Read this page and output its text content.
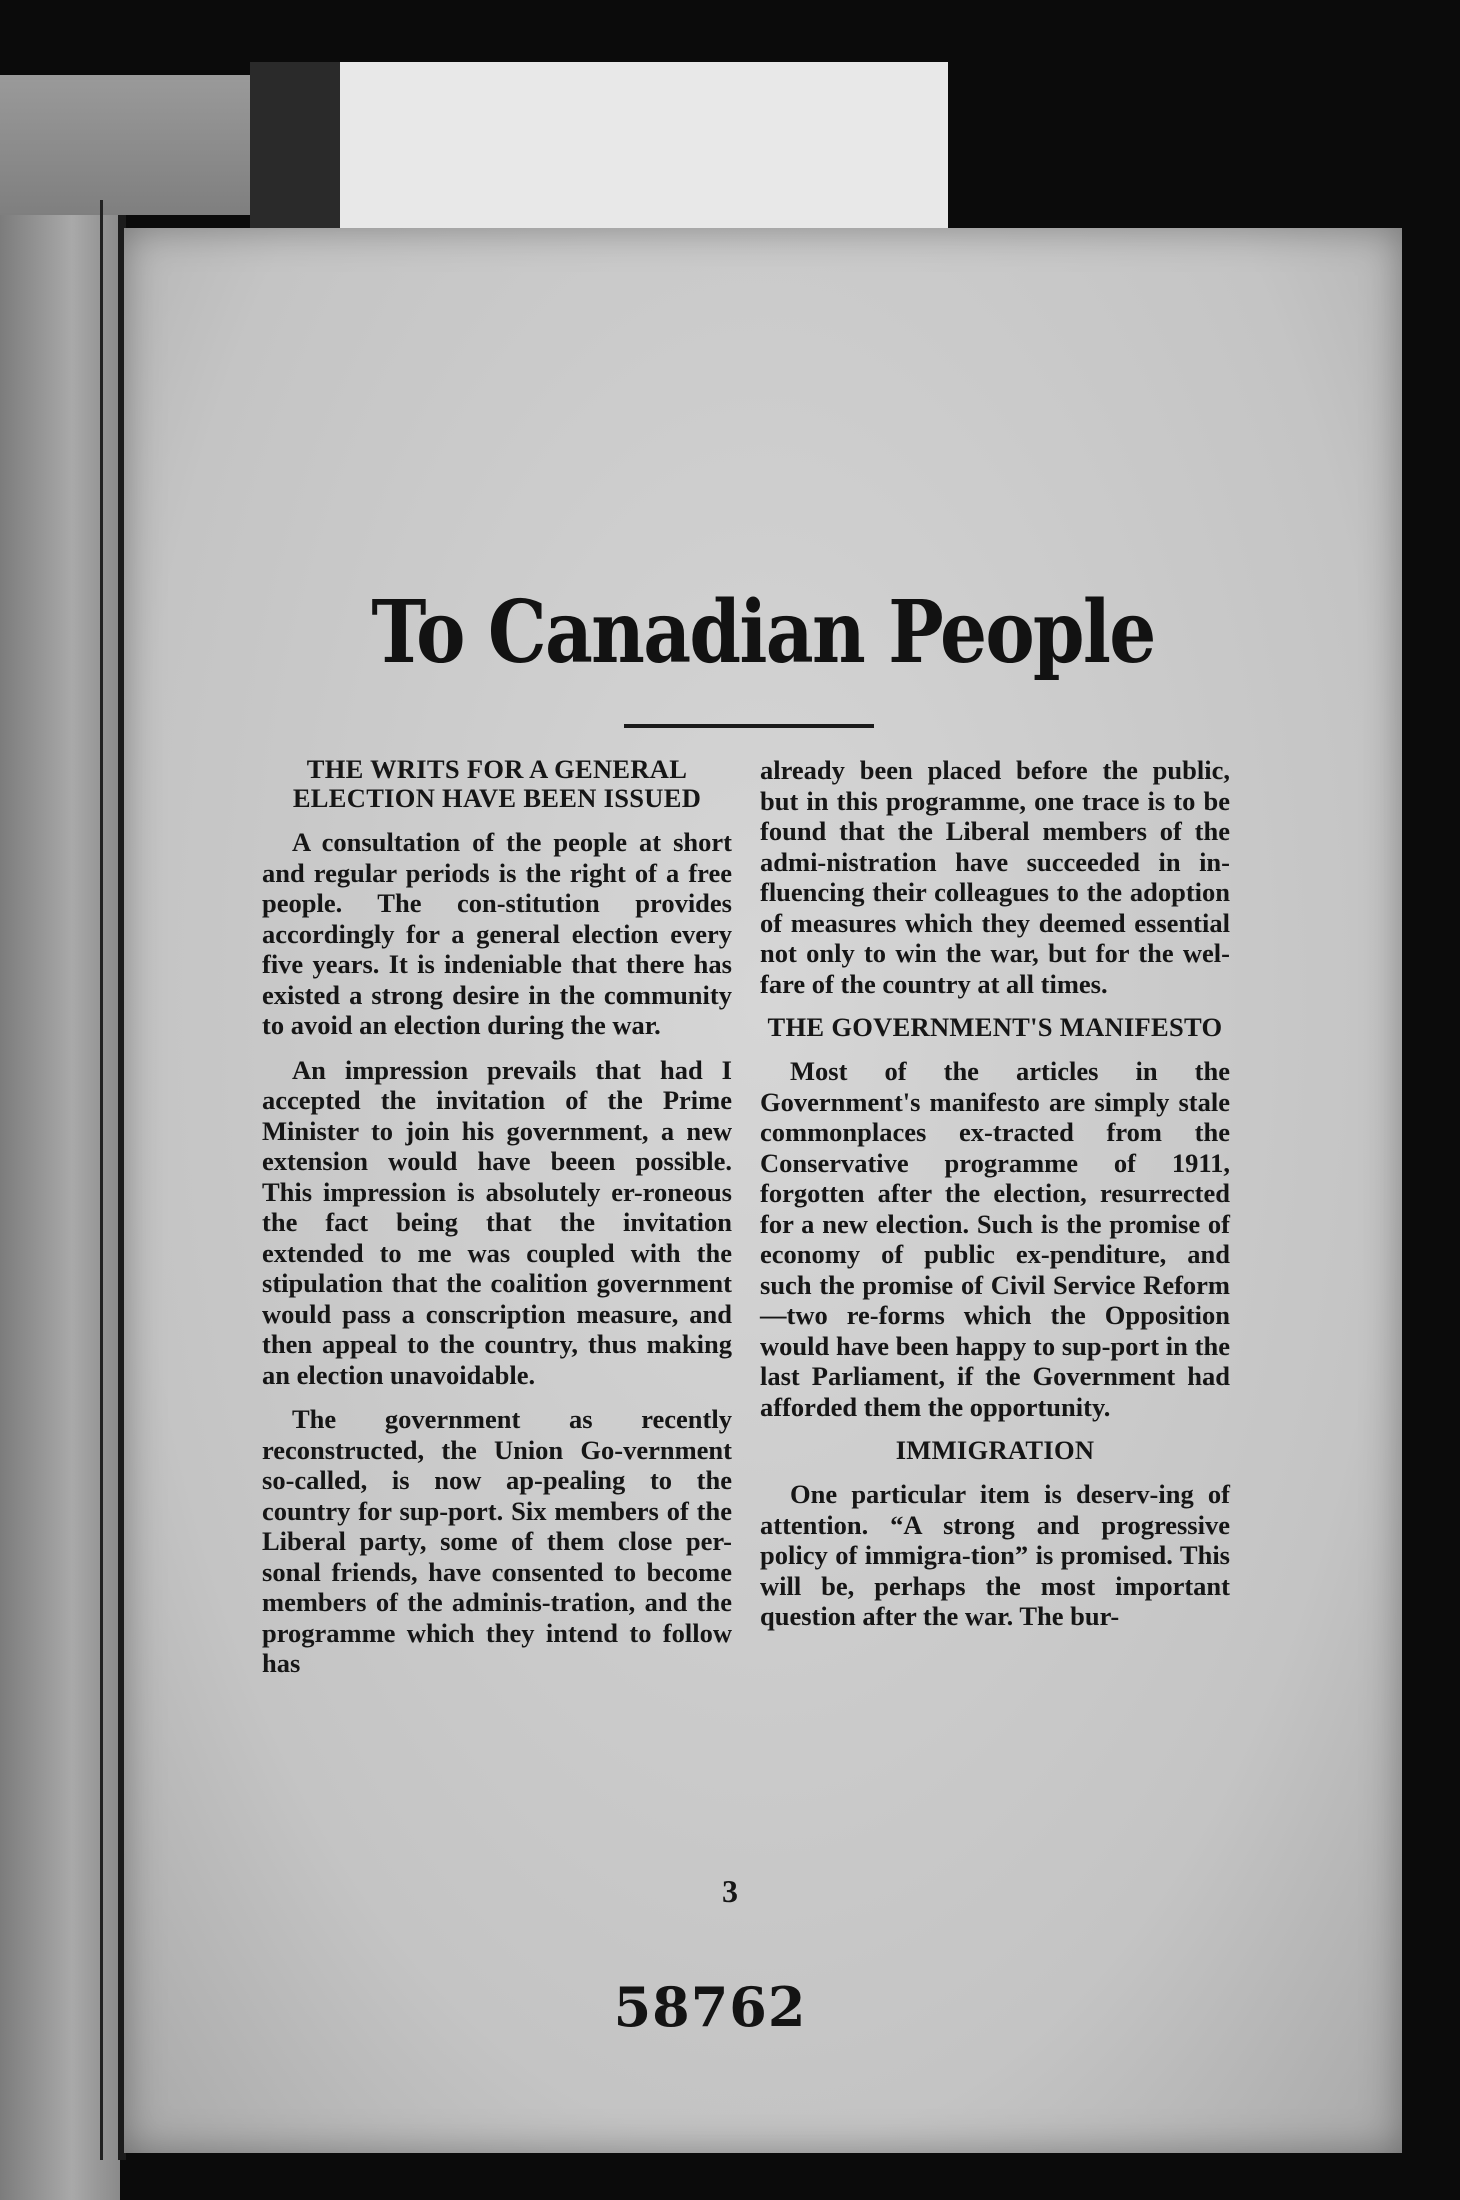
To Canadian People
THE WRITS FOR A GENERAL ELECTION HAVE BEEN ISSUED

A consultation of the people at short and regular periods is the right of a free people. The con-stitution provides accordingly for a general election every five years. It is indeniable that there has existed a strong desire in the community to avoid an election during the war.

An impression prevails that had I accepted the invitation of the Prime Minister to join his government, a new extension would have beeen possible. This impression is absolutely er-roneous the fact being that the invitation extended to me was coupled with the stipulation that the coalition government would pass a conscription measure, and then appeal to the country, thus making an election unavoidable.

The government as recently reconstructed, the Union Go-vernment so-called, is now ap-pealing to the country for sup-port. Six members of the Liberal party, some of them close per-sonal friends, have consented to become members of the adminis-tration, and the programme which they intend to follow has

already been placed before the public, but in this programme, one trace is to be found that the Liberal members of the admi-nistration have succeeded in in-fluencing their colleagues to the adoption of measures which they deemed essential not only to win the war, but for the wel-fare of the country at all times.

THE GOVERNMENT'S MANIFESTO

Most of the articles in the Government's manifesto are simply stale commonplaces ex-tracted from the Conservative programme of 1911, forgotten after the election, resurrected for a new election. Such is the promise of economy of public ex-penditure, and such the promise of Civil Service Reform—two re-forms which the Opposition would have been happy to sup-port in the last Parliament, if the Government had afforded them the opportunity.

IMMIGRATION

One particular item is deserv-ing of attention. “A strong and progressive policy of immigra-tion” is promised. This will be, perhaps the most important question after the war. The bur-

3
58762
